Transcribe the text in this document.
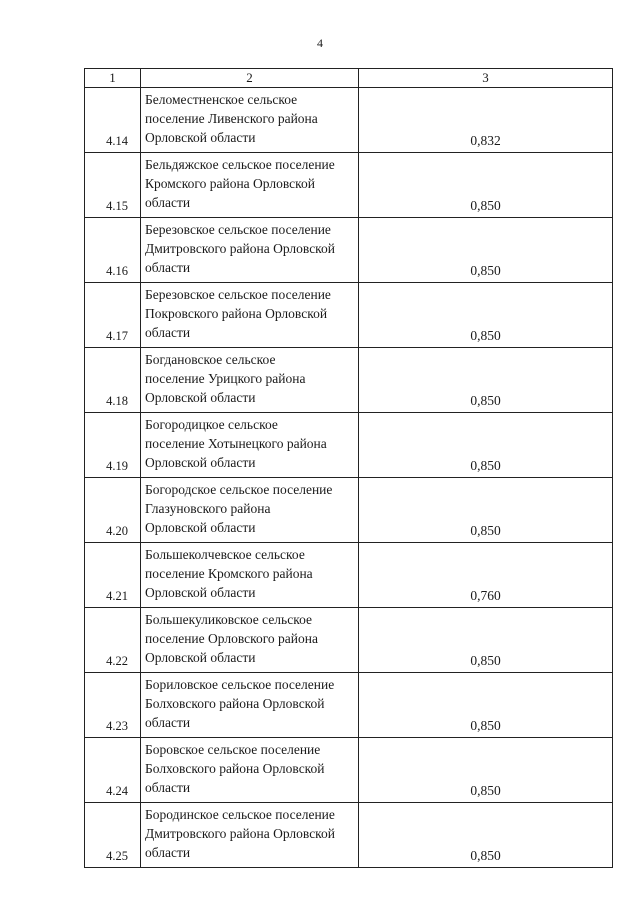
4
1	2	3
4.14	Беломестненское сельское
поселение Ливенского района
Орловской области	0,832
4.15	Бельдяжское сельское поселение
Кромского района Орловской
области	0,850
4.16	Березовское сельское поселение
Дмитровского района Орловской
области	0,850
4.17	Березовское сельское поселение
Покровского района Орловской
области	0,850
4.18	Богдановское сельское
поселение Урицкого района
Орловской области	0,850
4.19	Богородицкое сельское
поселение Хотынецкого района
Орловской области	0,850
4.20	Богородское сельское поселение
Глазуновского района
Орловской области	0,850
4.21	Большеколчевское сельское
поселение Кромского района
Орловской области	0,760
4.22	Большекуликовское сельское
поселение Орловского района
Орловской области	0,850
4.23	Бориловское сельское поселение
Болховского района Орловской
области	0,850
4.24	Боровское сельское поселение
Болховского района Орловской
области	0,850
4.25	Бородинское сельское поселение
Дмитровского района Орловской
области	0,850
